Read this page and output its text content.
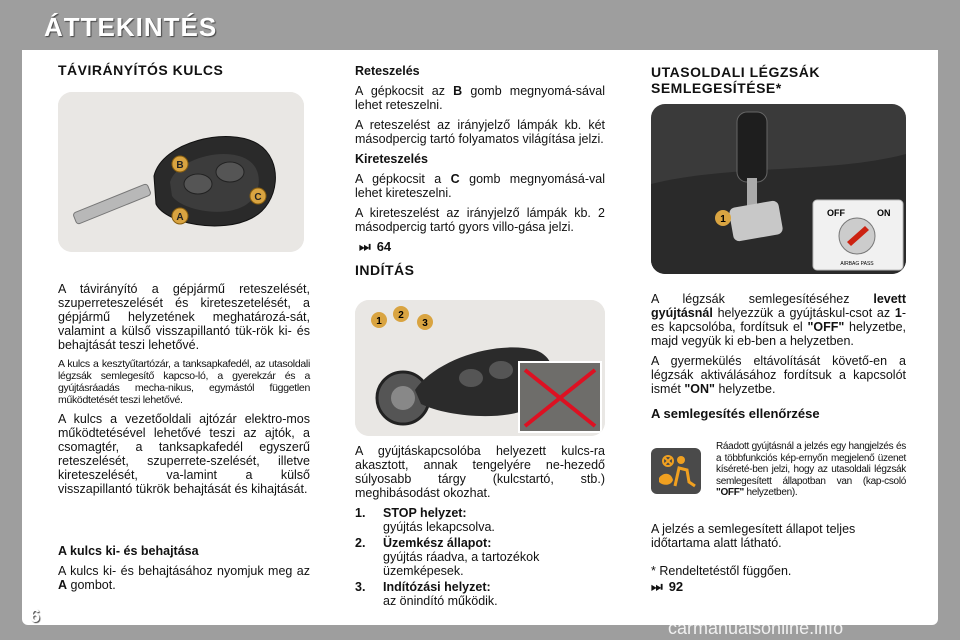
ÁTTEKINTÉS
TÁVIRÁNYÍTÓS KULCS
A
B
C

A távirányító a gépjármű reteszelését, szuperreteszelését és kireteszetelését, a gépjármű helyzetének meghatározá-sát, valamint a külső visszapillantó tük-rök ki- és behajtását teszi lehetővé.

A kulcs a kesztyűtartózár, a tanksapkafedél, az utasoldali légzsák semlegesítő kapcso-ló, a gyerekzár és a gyújtásráadás mecha-nikus, egymástól független működtetését teszi lehetővé.

A kulcs a vezetőoldali ajtózár elektro-mos működtetésével lehetővé teszi az ajtók, a csomagtér, a tanksapkafedél egyszerű reteszelését, szuperrete-szelését, illetve kireteszelését, va-lamint a külső visszapillantó tükrök behajtását és kihajtását.

A kulcs ki- és behajtása

A kulcs ki- és behajtásához nyomjuk meg az A gombot.

Reteszelés

A gépkocsit az B gomb megnyomá-sával lehet reteszelni.

A reteszelést az irányjelző lámpák kb. két másodpercig tartó folyamatos világítása jelzi.

Kireteszelés

A gépkocsit a C gomb megnyomásá-val lehet kireteszelni.

A kireteszelést az irányjelző lámpák kb. 2 másodpercig tartó gyors villo-gása jelzi.

⏭ 64
INDÍTÁS
1
2
3

A gyújtáskapcsolóba helyezett kulcs-ra akasztott, annak tengelyére ne-hezedő súlyosabb tárgy (kulcstartó, stb.) meghibásodást okozhat.

1. STOP helyzet:
gyújtás lekapcsolva.
2. Üzemkész állapot:
gyújtás ráadva, a tartozékok üzemképesek.
3. Indítózási helyzet:
az önindító működik.
UTASOLDALI LÉGZSÁK
SEMLEGESÍTÉSE*
1
OFF	ON
AIRBAG PASS

A légzsák semlegesítéséhez levett gyújtásnál helyezzük a gyújtáskul-csot az 1-es kapcsolóba, fordítsuk el "OFF" helyzetbe, majd vegyük ki eb-ben a helyzetben.

A gyermekülés eltávolítását követő-en a légzsák aktiválásához fordítsuk a kapcsolót ismét "ON" helyzetbe.

A semlegesítés ellenőrzése
Ráadott gyújtásnál a jelzés egy hangjelzés és a többfunkciós kép-ernyőn megjelenő üzenet kíséreté-ben jelzi, hogy az utasoldali légzsák semlegesített állapotban van (kap-csoló "OFF" helyzetben).

A jelzés a semlegesített állapot teljes időtartama alatt látható.

* Rendeltetéstől függően.

⏭ 92
carmanualsonline.info
6
